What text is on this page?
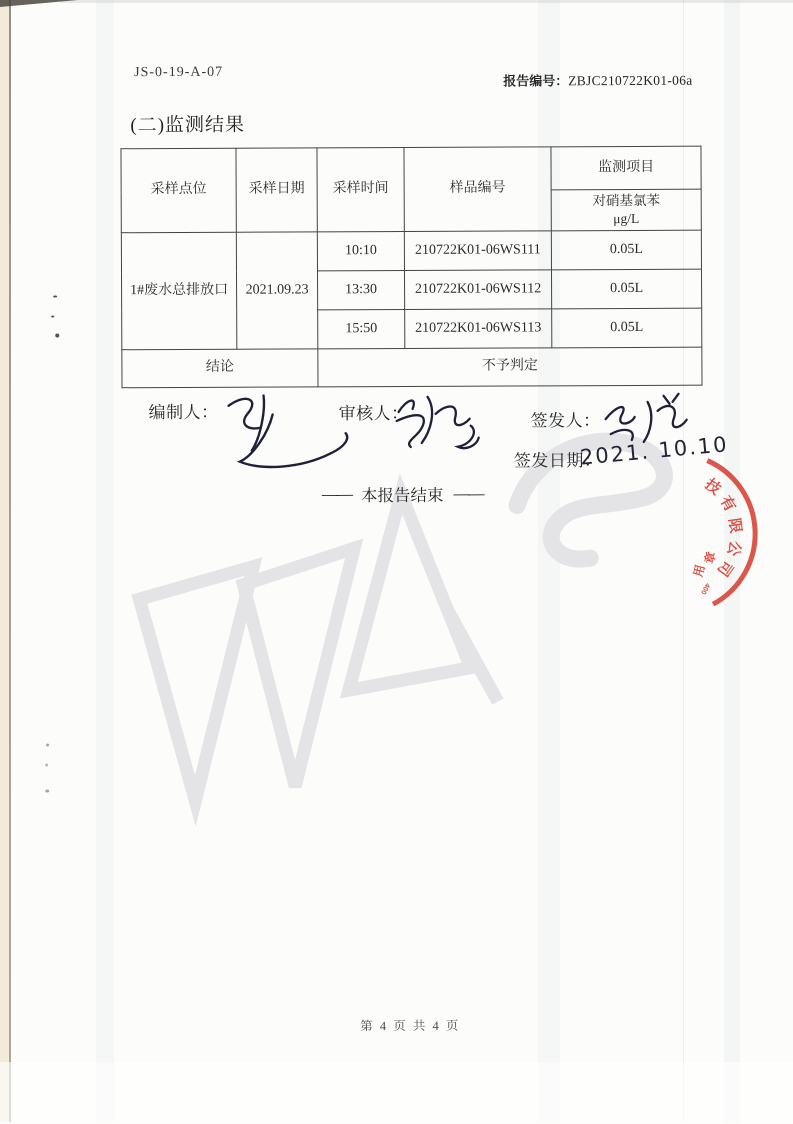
JS-0-19-A-07
报告编号：ZBJC210722K01-06a
(二)监测结果
采样点位	采样日期	采样时间	样品编号	监测项目

				对硝基氯苯
μg/L

1#废水总排放口	2021.09.23	10:10	210722K01-06WS111	0.05L
		13:30	210722K01-06WS112	0.05L
		15:50	210722K01-06WS113	0.05L
结论		不予判定		
编制人：	审核人：	签发人：
签发日期：
2021. 10.10
—— 本报告结束 ——	技
有
限
公
司
章
用
400
第 4 页 共 4 页
